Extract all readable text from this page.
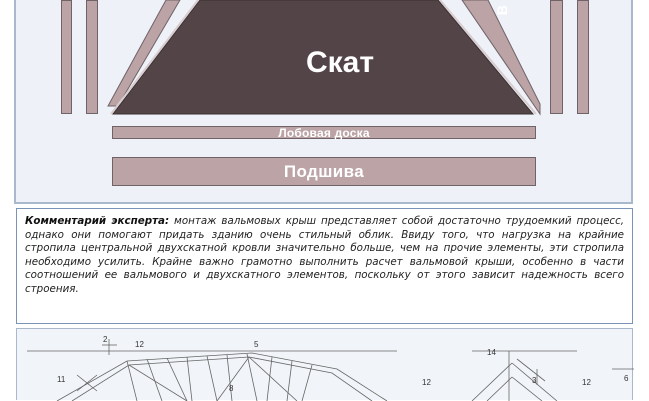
Скат
В
Лобовая доска
Подшива
Комментарий эксперта: монтаж вальмовых крыш представляет собой достаточно трудоемкий процесс, однако они помогают придать зданию очень стильный облик. Ввиду того, что нагрузка на крайние стропила центральной двухскатной кровли значительно больше, чем на прочие элементы, эти стропила необходимо усилить. Крайне важно грамотно выполнить расчет вальмовой крыши, особенно в части соотношений ее вальмового и двухскатного элементов, поскольку от этого зависит надежность всего строения.
2
12	5
11
8
14
12	3	12	6
